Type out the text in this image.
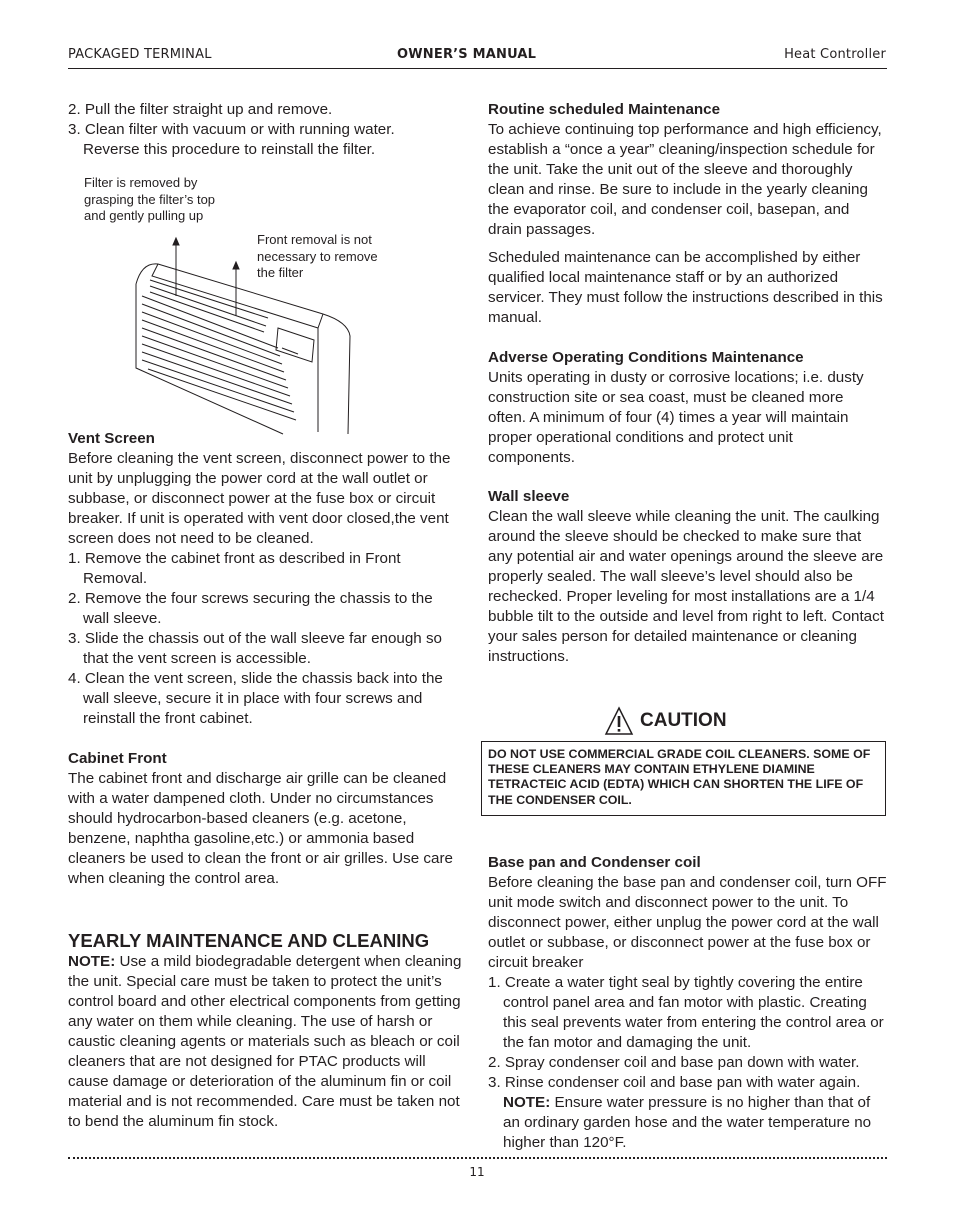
PACKAGED TERMINAL	OWNER’S MANUAL	Heat Controller
2. Pull the filter straight up and remove.
3. Clean filter with vacuum or with running water. Reverse this procedure to reinstall the filter.
Filter is removed by
grasping the filter’s top
and gently pulling up
Front removal is not
necessary to remove
the filter
Vent Screen
Before cleaning the vent screen, disconnect power to the unit by unplugging the power cord at the wall outlet or subbase, or disconnect power at the fuse box or circuit breaker. If unit is operated with vent door closed,the vent screen does not need to be cleaned.
1. Remove the cabinet front as described in Front Removal.
2. Remove the four screws securing the chassis to the wall sleeve.
3. Slide the chassis out of the wall sleeve far enough so that the vent screen is accessible.
4. Clean the vent screen, slide the chassis back into the wall sleeve, secure it in place with four screws and reinstall the front cabinet.
Cabinet Front
The cabinet front and discharge air grille can be cleaned with a water dampened cloth. Under no circumstances should hydrocarbon-based cleaners (e.g. acetone, benzene, naphtha gasoline,etc.) or ammonia based cleaners be used to clean the front or air grilles. Use care when cleaning the control area.
YEARLY MAINTENANCE AND CLEANING
NOTE: Use a mild biodegradable detergent when cleaning the unit. Special care must be taken to protect the unit’s control board and other electrical components from getting any water on them while cleaning. The use of harsh or caustic cleaning agents or materials such as bleach or coil cleaners that are not designed for PTAC products will cause damage or deterioration of the aluminum fin or coil material and is not recommended. Care must be taken not to bend the aluminum fin stock.
Routine scheduled Maintenance
To achieve continuing top performance and high efficiency, establish a “once a year” cleaning/inspection schedule for the unit. Take the unit out of the sleeve and thoroughly clean and rinse. Be sure to include in the yearly cleaning the evaporator coil, and condenser coil, basepan, and drain passages.
Scheduled maintenance can be accomplished by either qualified local maintenance staff or by an authorized servicer. They must follow the instructions described in this manual.
Adverse Operating Conditions Maintenance
Units operating in dusty or corrosive locations; i.e. dusty construction site or sea coast, must be cleaned more often. A minimum of four (4) times a year will maintain proper operational conditions and protect unit components.
Wall sleeve
Clean the wall sleeve while cleaning the unit. The caulking around the sleeve should be checked to make sure that any potential air and water openings around the sleeve are properly sealed. The wall sleeve’s level should also be rechecked. Proper leveling for most installations are a 1/4 bubble tilt to the outside and level from right to left. Contact your sales person for detailed maintenance or cleaning instructions.
CAUTION
DO NOT USE COMMERCIAL GRADE COIL CLEANERS. SOME OF THESE CLEANERS MAY CONTAIN ETHYLENE DIAMINE TETRACTEIC ACID (EDTA) WHICH CAN SHORTEN THE LIFE OF THE CONDENSER COIL.
Base pan and Condenser coil
Before cleaning the base pan and condenser coil, turn OFF unit mode switch and disconnect power to the unit. To disconnect power, either unplug the power cord at the wall outlet or subbase, or disconnect power at the fuse box or circuit breaker
1. Create a water tight seal by tightly covering the entire control panel area and fan motor with plastic. Creating this seal prevents water from entering the control area or the fan motor and damaging the unit.
2. Spray condenser coil and base pan down with water.
3. Rinse condenser coil and base pan with water again.
NOTE: Ensure water pressure is no higher than that of an ordinary garden hose and the water temperature no higher than 120°F.
11
